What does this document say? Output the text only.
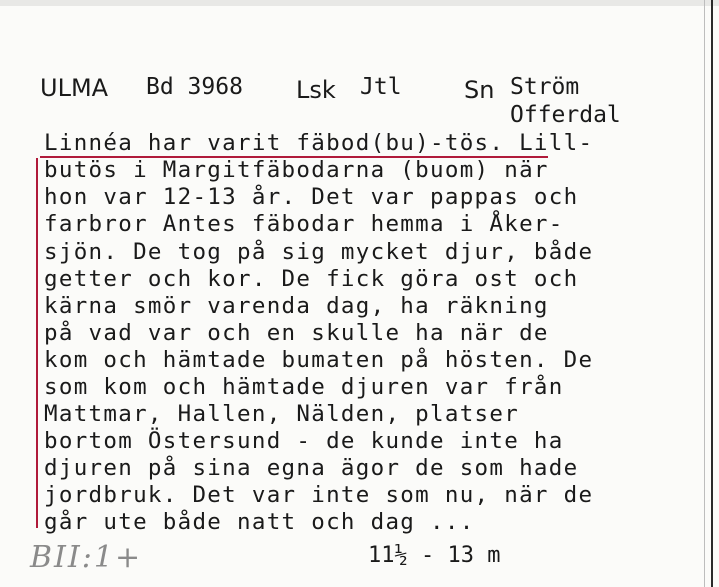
ULMA Bd 3968 Lsk Jtl	Sn Ström
Offerdal
Linnéa har varit fäbod(bu)-tös. Lill-
butös i Margitfäbodarna (buom) när
hon var 12-13 år. Det var pappas och
farbror Antes fäbodar hemma i Åker-
sjön. De tog på sig mycket djur, både
getter och kor. De fick göra ost och
kärna smör varenda dag, ha räkning
på vad var och en skulle ha när de
kom och hämtade bumaten på hösten. De
som kom och hämtade djuren var från
Mattmar, Hallen, Nälden, platser
bortom Östersund - de kunde inte ha
djuren på sina egna ägor de som hade
jordbruk. Det var inte som nu, när de
går ute både natt och dag ...
BII:1+	11½ - 13 m
